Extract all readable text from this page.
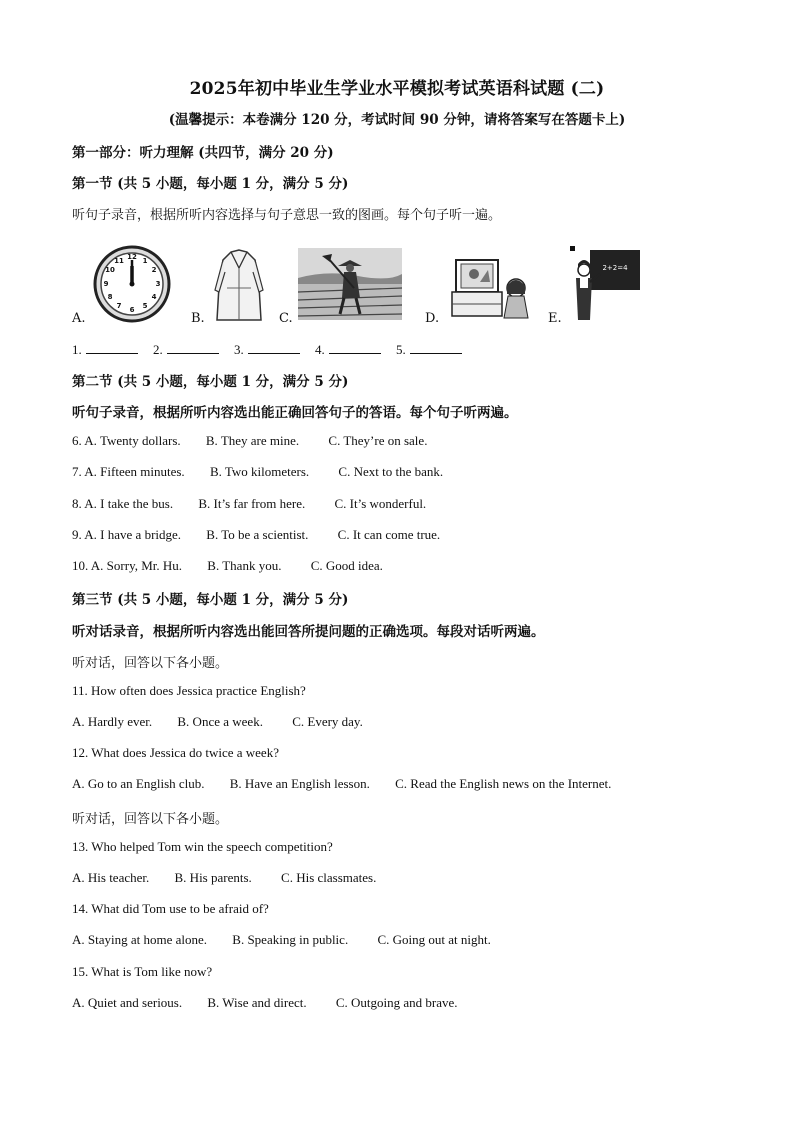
2025年初中毕业生学业水平模拟考试英语科试题 (二)
(温馨提示：本卷满分 120 分，考试时间 90 分钟，请将答案写在答题卡上)
第一部分：听力理解 (共四节，满分 20 分)
第一节 (共 5 小题，每小题 1 分，满分 5 分)
听句子录音，根据所听内容选择与句子意思一致的图画。每个句子听一遍。
A.
12 1
2
3
4
5
6
7
8
9
10
11
B.	C.	D.	E.
2+2=4
1.	2.	3.	4.	5.
第二节 (共 5 小题，每小题 1 分，满分 5 分)
听句子录音，根据所听内容选出能正确回答句子的答语。每个句子听两遍。
6. A. Twenty dollars. B. They are mine. C. They’re on sale.
7. A. Fifteen minutes. B. Two kilometers. C. Next to the bank.
8. A. I take the bus. B. It’s far from here. C. It’s wonderful.
9. A. I have a bridge. B. To be a scientist. C. It can come true.
10. A. Sorry, Mr. Hu. B. Thank you. C. Good idea.
第三节 (共 5 小题，每小题 1 分，满分 5 分)
听对话录音，根据所听内容选出能回答所提问题的正确选项。每段对话听两遍。
听对话，回答以下各小题。
11. How often does Jessica practice English?
A. Hardly ever. B. Once a week. C. Every day.
12. What does Jessica do twice a week?
A. Go to an English club. B. Have an English lesson. C. Read the English news on the Internet.
听对话，回答以下各小题。
13. Who helped Tom win the speech competition?
A. His teacher. B. His parents. C. His classmates.
14. What did Tom use to be afraid of?
A. Staying at home alone. B. Speaking in public. C. Going out at night.
15. What is Tom like now?
A. Quiet and serious. B. Wise and direct. C. Outgoing and brave.
